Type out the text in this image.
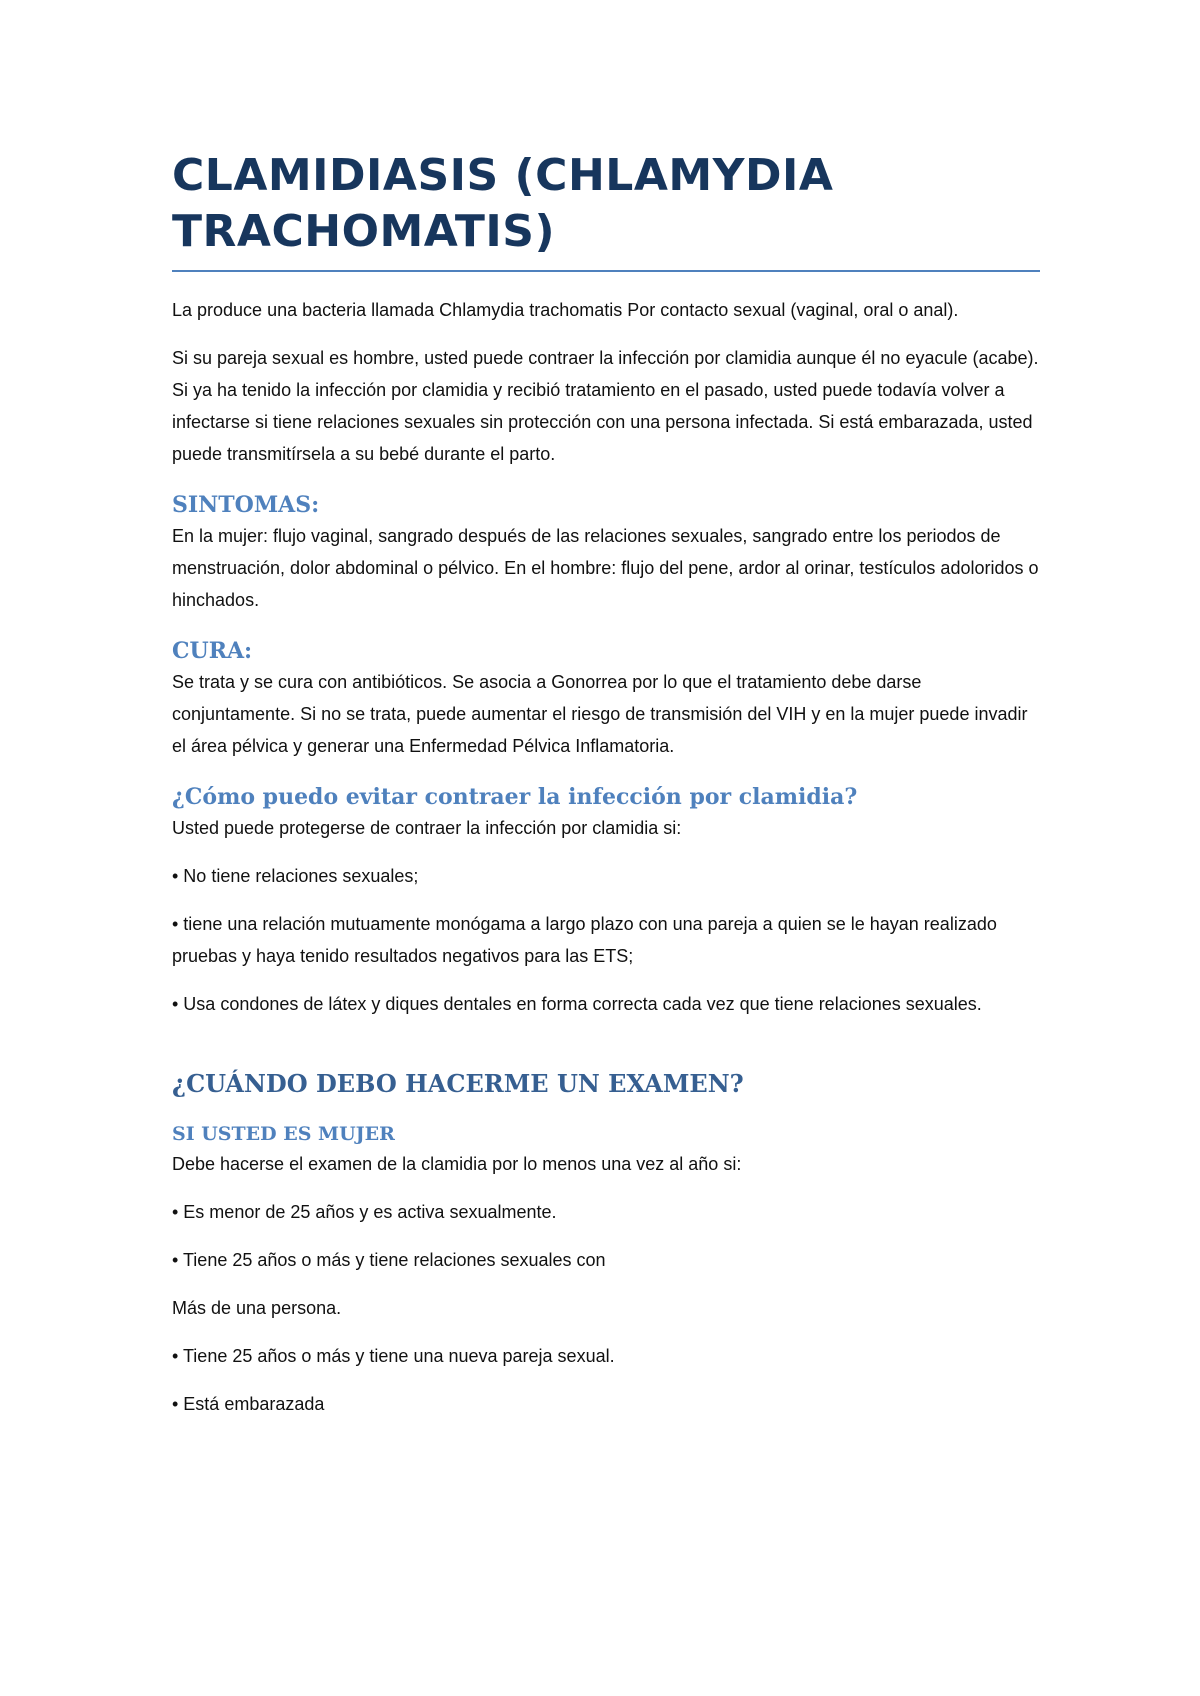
CLAMIDIASIS (CHLAMYDIA
TRACHOMATIS)

La produce una bacteria llamada Chlamydia trachomatis Por contacto sexual (vaginal, oral o anal).

Si su pareja sexual es hombre, usted puede contraer la infección por clamidia aunque él no eyacule (acabe). Si ya ha tenido la infección por clamidia y recibió tratamiento en el pasado, usted puede todavía volver a infectarse si tiene relaciones sexuales sin protección con una persona infectada. Si está embarazada, usted puede transmitírsela a su bebé durante el parto.

SINTOMAS:

En la mujer: flujo vaginal, sangrado después de las relaciones sexuales, sangrado entre los periodos de menstruación, dolor abdominal o pélvico. En el hombre: flujo del pene, ardor al orinar, testículos adoloridos o hinchados.

CURA:

Se trata y se cura con antibióticos. Se asocia a Gonorrea por lo que el tratamiento debe darse conjuntamente. Si no se trata, puede aumentar el riesgo de transmisión del VIH y en la mujer puede invadir el área pélvica y generar una Enfermedad Pélvica Inflamatoria.

¿Cómo puedo evitar contraer la infección por clamidia?

Usted puede protegerse de contraer la infección por clamidia si:

• No tiene relaciones sexuales;

• tiene una relación mutuamente monógama a largo plazo con una pareja a quien se le hayan realizado pruebas y haya tenido resultados negativos para las ETS;

• Usa condones de látex y diques dentales en forma correcta cada vez que tiene relaciones sexuales.

¿CUÁNDO DEBO HACERME UN EXAMEN?
SI USTED ES MUJER

Debe hacerse el examen de la clamidia por lo menos una vez al año si:

• Es menor de 25 años y es activa sexualmente.

• Tiene 25 años o más y tiene relaciones sexuales con

Más de una persona.

• Tiene 25 años o más y tiene una nueva pareja sexual.

• Está embarazada
